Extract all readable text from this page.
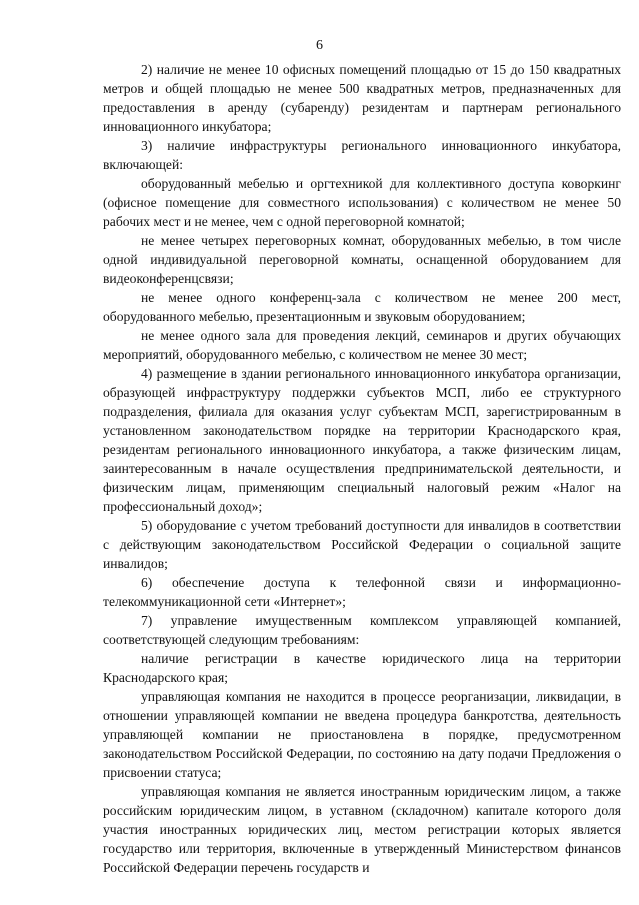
6

2) наличие не менее 10 офисных помещений площадью от 15 до 150 квадратных метров и общей площадью не менее 500 квадратных метров, предназначенных для предоставления в аренду (субаренду) резидентам и партнерам регионального инновационного инкубатора;

3) наличие инфраструктуры регионального инновационного инкубатора, включающей:

оборудованный мебелью и оргтехникой для коллективного доступа коворкинг (офисное помещение для совместного использования) с количеством не менее 50 рабочих мест и не менее, чем с одной переговорной комнатой;

не менее четырех переговорных комнат, оборудованных мебелью, в том числе одной индивидуальной переговорной комнаты, оснащенной оборудованием для видеоконференцсвязи;

не менее одного конференц-зала с количеством не менее 200 мест, оборудованного мебелью, презентационным и звуковым оборудованием;

не менее одного зала для проведения лекций, семинаров и других обучающих мероприятий, оборудованного мебелью, с количеством не менее 30 мест;

4) размещение в здании регионального инновационного инкубатора организации, образующей инфраструктуру поддержки субъектов МСП, либо ее структурного подразделения, филиала для оказания услуг субъектам МСП, зарегистрированным в установленном законодательством порядке на территории Краснодарского края, резидентам регионального инновационного инкубатора, а также физическим лицам, заинтересованным в начале осуществления предпринимательской деятельности, и физическим лицам, применяющим специальный налоговый режим «Налог на профессиональный доход»;

5) оборудование с учетом требований доступности для инвалидов в соответствии с действующим законодательством Российской Федерации о социальной защите инвалидов;

6) обеспечение доступа к телефонной связи и информационно-телекоммуникационной сети «Интернет»;

7) управление имущественным комплексом управляющей компанией, соответствующей следующим требованиям:

наличие регистрации в качестве юридического лица на территории Краснодарского края;

управляющая компания не находится в процессе реорганизации, ликвидации, в отношении управляющей компании не введена процедура банкротства, деятельность управляющей компании не приостановлена в порядке, предусмотренном законодательством Российской Федерации, по состоянию на дату подачи Предложения о присвоении статуса;

управляющая компания не является иностранным юридическим лицом, а также российским юридическим лицом, в уставном (складочном) капитале которого доля участия иностранных юридических лиц, местом регистрации которых является государство или территория, включенные в утвержденный Министерством финансов Российской Федерации перечень государств и
